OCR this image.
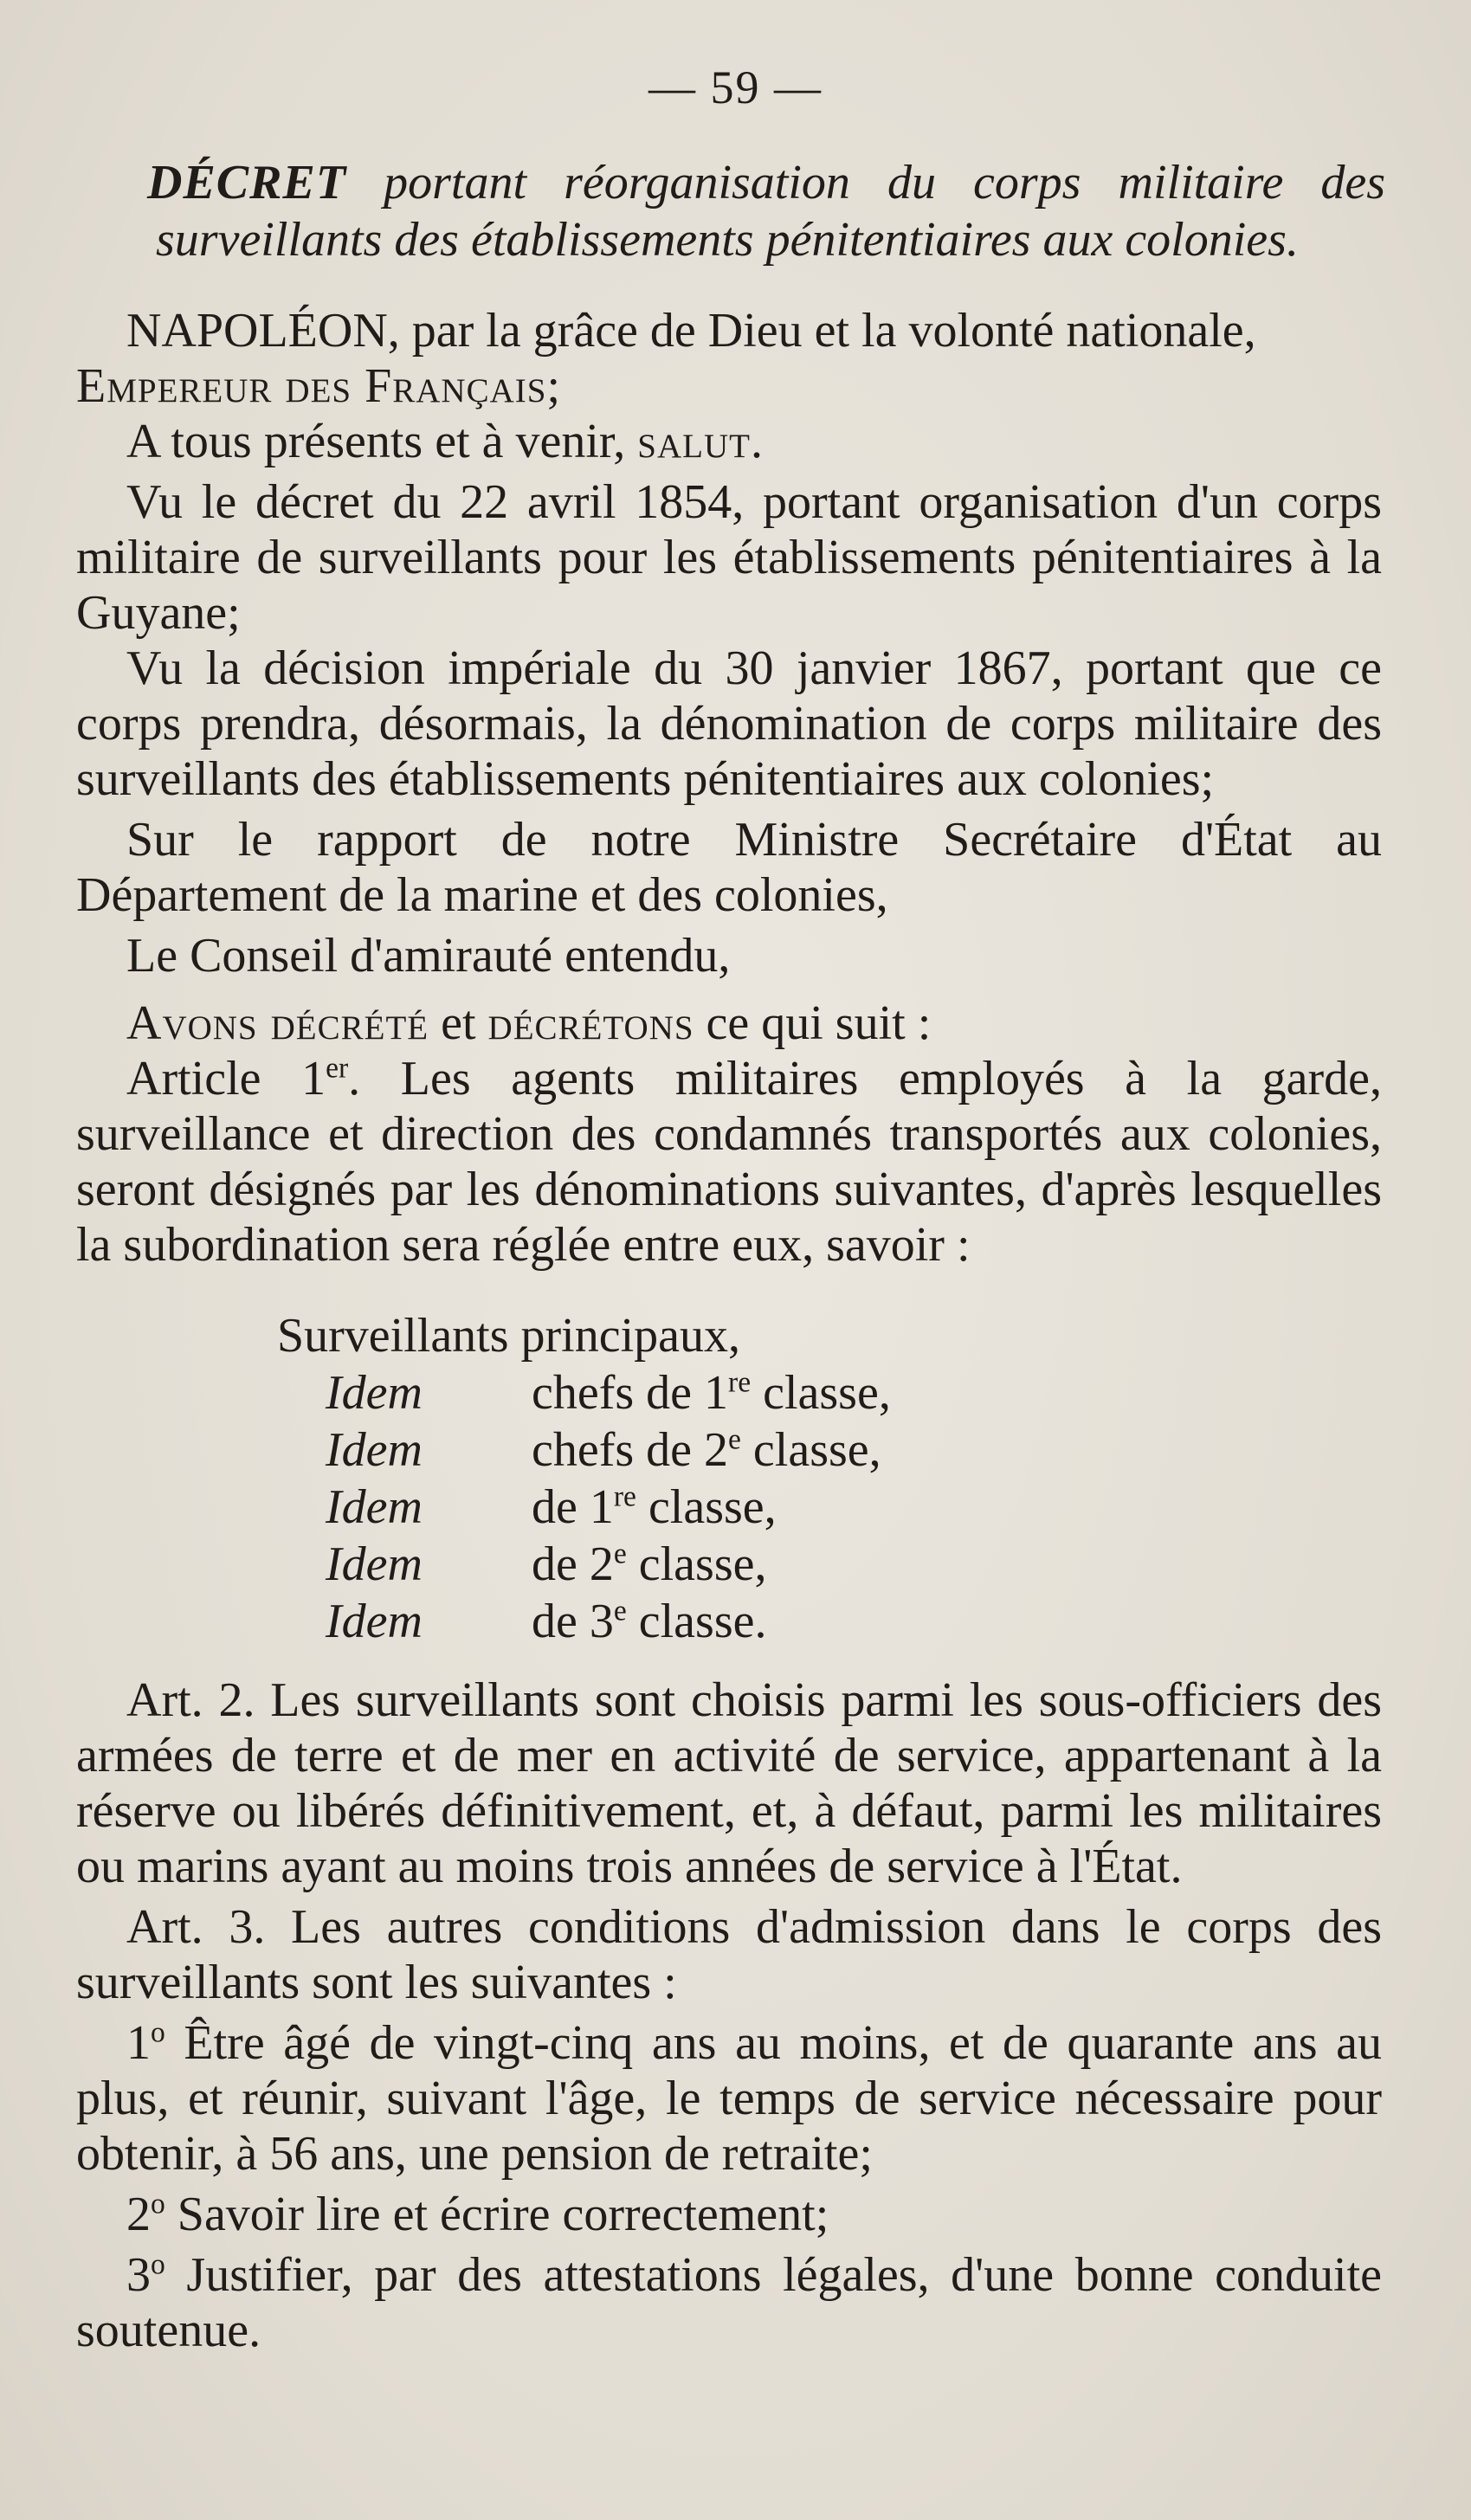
— 59 —
DÉCRET portant réorganisation du corps militaire des
surveillants des établissements pénitentiaires aux colonies.

NAPOLÉON, par la grâce de Dieu et la volonté nationale,

Empereur des Français;

A tous présents et à venir, salut.

Vu le décret du 22 avril 1854, portant organisation d'un corps militaire de surveillants pour les établissements pénitentiaires à la Guyane;

Vu la décision impériale du 30 janvier 1867, portant que ce corps prendra, désormais, la dénomination de corps militaire des surveillants des établissements pénitentiaires aux colonies;

Sur le rapport de notre Ministre Secrétaire d'État au Département de la marine et des colonies,

Le Conseil d'amirauté entendu,

Avons décrété et décrétons ce qui suit :

Article 1er. Les agents militaires employés à la garde, surveillance et direction des condamnés transportés aux colonies, seront désignés par les dénominations suivantes, d'après lesquelles la subordination sera réglée entre eux, savoir :

Surveillants principaux,
Idem	chefs de 1re classe,
Idem	chefs de 2e classe,
Idem	de 1re classe,
Idem	de 2e classe,
Idem	de 3e classe.

Art. 2. Les surveillants sont choisis parmi les sous-officiers des armées de terre et de mer en activité de service, appartenant à la réserve ou libérés définitivement, et, à défaut, parmi les militaires ou marins ayant au moins trois années de service à l'État.

Art. 3. Les autres conditions d'admission dans le corps des surveillants sont les suivantes :

1$^o$ Être âgé de vingt-cinq ans au moins, et de quarante ans au plus, et réunir, suivant l'âge, le temps de service nécessaire pour obtenir, à 56 ans, une pension de retraite;

2$^o$ Savoir lire et écrire correctement;

3$^o$ Justifier, par des attestations légales, d'une bonne conduite soutenue.
